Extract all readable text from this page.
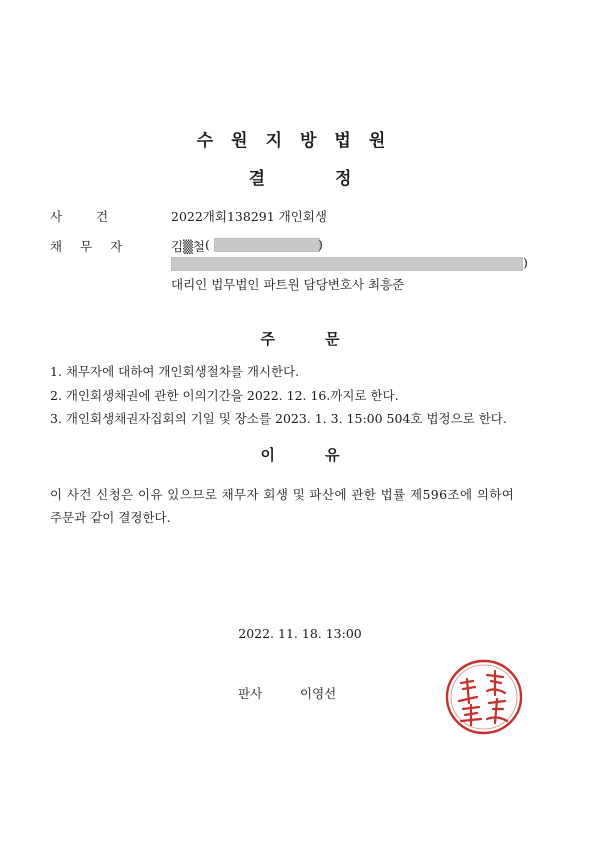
수원지방법원
결	정
사 건	2022개회138291 개인회생
채 무 자	김▒철 (	)
)
대리인 법무법인 파트원 담당변호사 최흥준
주	문
1. 채무자에 대하여 개인회생절차를 개시한다.
2. 개인회생채권에 관한 이의기간을 2022. 12. 16.까지로 한다.
3. 개인회생채권자집회의 기일 및 장소를 2023. 1. 3. 15:00 504호 법정으로 한다.
이	유
이 사건 신청은 이유 있으므로 채무자 회생 및 파산에 관한 법률 제596조에 의하여
주문과 같이 결정한다.
2022. 11. 18. 13:00
판사	이영선
